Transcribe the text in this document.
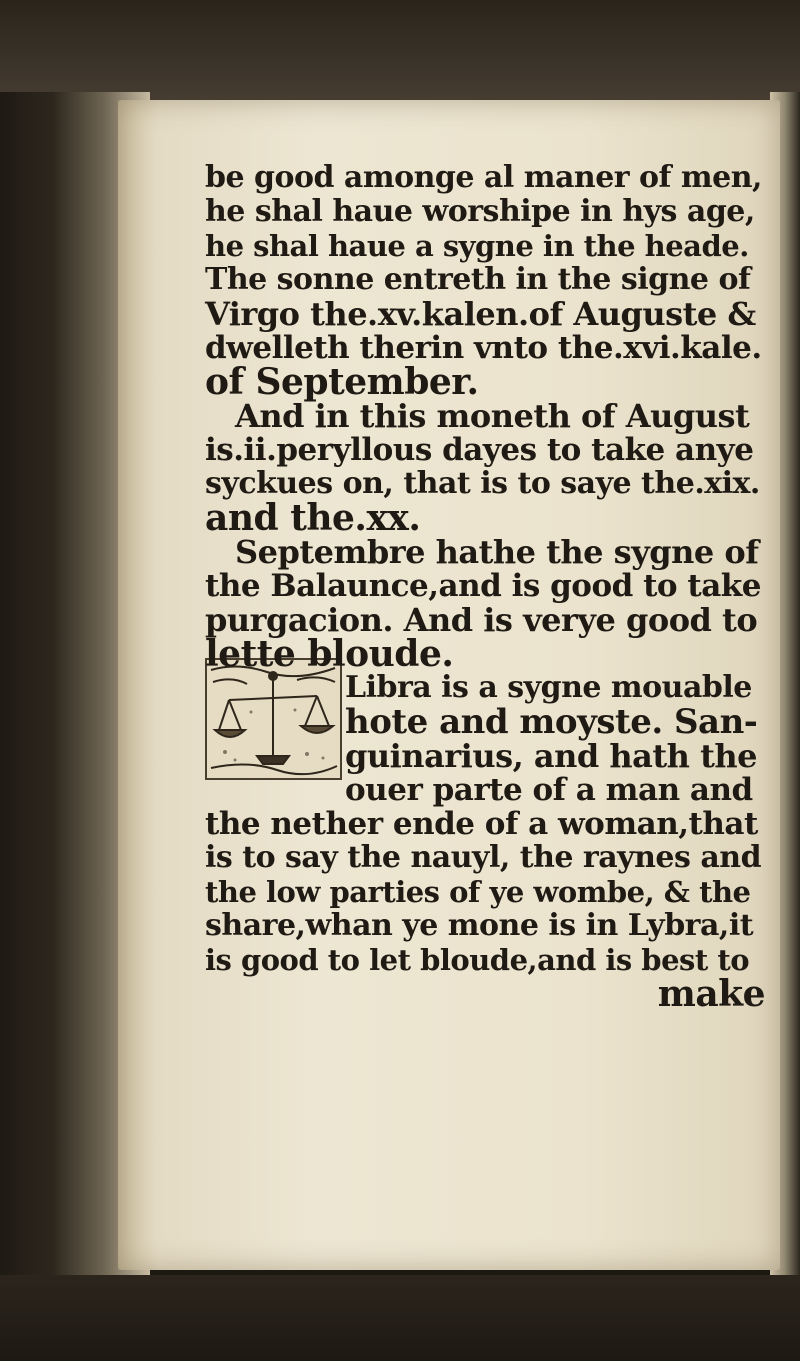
be good amonge al maner of men,
he shal haue worshipe in hys age,
he shal haue a sygne in the heade.
The sonne entreth in the signe of
Virgo the.xv.kalen.of Auguste &
dwelleth therin vnto the.xvi.kale.
of September.
And in this moneth of August
is.ii.peryllous dayes to take anye
syckues on, that is to saye the.xix.
and the.xx.
Septembre hathe the sygne of
the Balaunce,and is good to take
purgacion. And is verye good to
lette bloude.
Libra is a sygne mouable
hote and moyste. San-
guinarius, and hath the
ouer parte of a man and
the nether ende of a woman,that
is to say the nauyl, the raynes and
the low parties of ye wombe, & the
share,whan ye mone is in Lybra,it
is good to let bloude,and is best to
make
